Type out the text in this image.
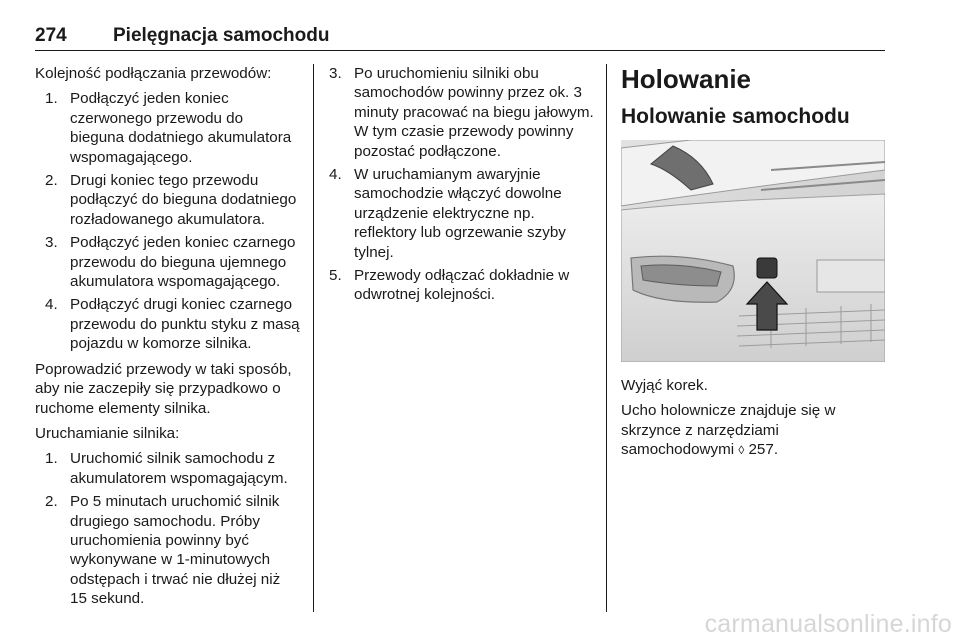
274 Pielęgnacja samochodu

Kolejność podłączania przewodów:

1. Podłączyć jeden koniec czerwonego przewodu do bieguna dodatniego akumulatora wspomagającego.
2. Drugi koniec tego przewodu podłączyć do bieguna dodatniego rozładowanego akumulatora.
3. Podłączyć jeden koniec czarnego przewodu do bieguna ujemnego akumulatora wspomagającego.
4. Podłączyć drugi koniec czarnego przewodu do punktu styku z masą pojazdu w komorze silnika.

Poprowadzić przewody w taki sposób, aby nie zaczepiły się przypadkowo o ruchome elementy silnika.

Uruchamianie silnika:

1. Uruchomić silnik samochodu z akumulatorem wspomagającym.
2. Po 5 minutach uruchomić silnik drugiego samochodu. Próby uruchomienia powinny być wykonywane w 1-minutowych odstępach i trwać nie dłużej niż 15 sekund.
3. Po uruchomieniu silniki obu samochodów powinny przez ok. 3 minuty pracować na biegu jałowym. W tym czasie przewody powinny pozostać podłączone.
4. W uruchamianym awaryjnie samochodzie włączyć dowolne urządzenie elektryczne np. reflektory lub ogrzewanie szyby tylnej.
5. Przewody odłączać dokładnie w odwrotnej kolejności.
Holowanie
Holowanie samochodu

Wyjąć korek.

Ucho holownicze znajduje się w skrzynce z narzędziami samochodowymi ◊ 257.

carmanualsonline.info
